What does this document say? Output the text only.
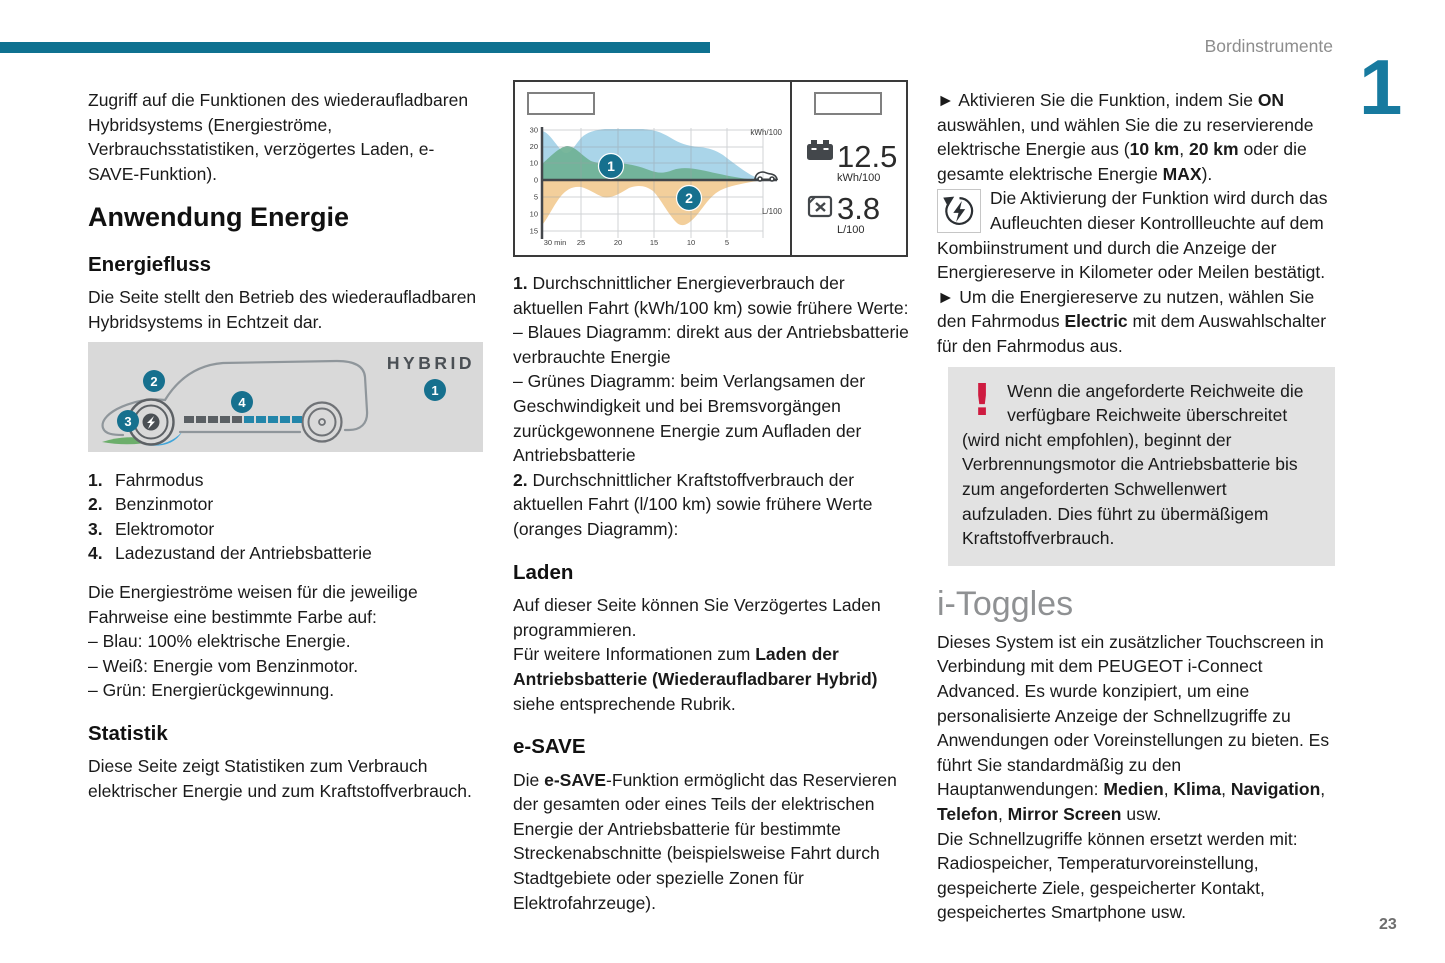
Bordinstrumente 1
23

Zugriff auf die Funktionen des wiederaufladbaren Hybridsystems (Energieströme, Verbrauchsstatistiken, verzögertes Laden, e-SAVE-Funktion).

Anwendung Energie
Energiefluss

Die Seite stellt den Betrieb des wiederaufladbaren Hybridsystems in Echtzeit dar.

HYBRID
2
3
4
1
1. Fahrmodus
2. Benzinmotor
3. Elektromotor
4. Ladezustand der Antriebsbatterie

Die Energieströme weisen für die jeweilige Fahrweise eine bestimmte Farbe auf:

– Blau: 100% elektrische Energie.

– Weiß: Energie vom Benzinmotor.

– Grün: Energierückgewinnung.

Statistik

Diese Seite zeigt Statistiken zum Verbrauch elektrischer Energie und zum Kraftstoffverbrauch.

30
20
10
0
5
10
15
30 min 25	20	15	10	5
kWh/100
L/100
1
2
12.5
kWh/100
3.8
L/100

1. Durchschnittlicher Energieverbrauch der aktuellen Fahrt (kWh/100 km) sowie frühere Werte:

– Blaues Diagramm: direkt aus der Antriebsbatterie verbrauchte Energie

– Grünes Diagramm: beim Verlangsamen der Geschwindigkeit und bei Bremsvorgängen zurückgewonnene Energie zum Aufladen der Antriebsbatterie

2. Durchschnittlicher Kraftstoffverbrauch der aktuellen Fahrt (l/100 km) sowie frühere Werte (oranges Diagramm):

Laden

Auf dieser Seite können Sie Verzögertes Laden programmieren.

Für weitere Informationen zum Laden der Antriebsbatterie (Wiederaufladbarer Hybrid) siehe entsprechende Rubrik.

e-SAVE

Die e-SAVE-Funktion ermöglicht das Reservieren der gesamten oder eines Teils der elektrischen Energie der Antriebsbatterie für bestimmte Streckenabschnitte (beispielsweise Fahrt durch Stadtgebiete oder spezielle Zonen für Elektrofahrzeuge).

► Aktivieren Sie die Funktion, indem Sie ON auswählen, und wählen Sie die zu reservierende elektrische Energie aus (10 km, 20 km oder die gesamte elektrische Energie MAX).

Die Aktivierung der Funktion wird durch das Aufleuchten dieser Kontrollleuchte auf dem Kombiinstrument und durch die Anzeige der Energiereserve in Kilometer oder Meilen bestätigt.

► Um die Energiereserve zu nutzen, wählen Sie den Fahrmodus Electric mit dem Auswahlschalter für den Fahrmodus aus.

! Wenn die angeforderte Reichweite die verfügbare Reichweite überschreitet (wird nicht empfohlen), beginnt der Verbrennungsmotor die Antriebsbatterie bis zum angeforderten Schwellenwert aufzuladen. Dies führt zu übermäßigem Kraftstoffverbrauch.

i-Toggles

Dieses System ist ein zusätzlicher Touchscreen in Verbindung mit dem PEUGEOT i-Connect Advanced. Es wurde konzipiert, um eine personalisierte Anzeige der Schnellzugriffe zu Anwendungen oder Voreinstellungen zu bieten. Es führt Sie standardmäßig zu den Hauptanwendungen: Medien, Klima, Navigation, Telefon, Mirror Screen usw.

Die Schnellzugriffe können ersetzt werden mit: Radiospeicher, Temperaturvoreinstellung, gespeicherte Ziele, gespeicherter Kontakt, gespeichertes Smartphone usw.
